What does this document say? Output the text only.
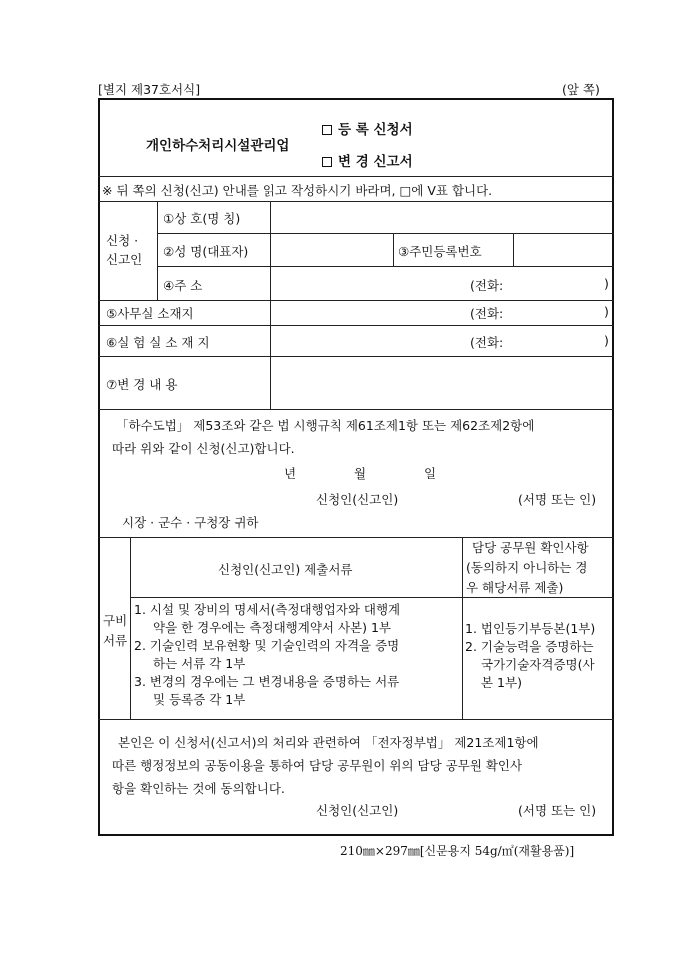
[별지 제37호서식]	(앞 쪽)
등 록 신청서
개인하수처리시설관리업
변 경 신고서
※ 뒤 쪽의 신청(신고) 안내를 읽고 작성하시기 바라며, □에 V표 합니다.
신청 ·
신고인
①상 호(명 칭)
②성 명(대표자)	③주민등록번호
④주 소	(전화:	)
⑤사무실 소재지	(전화:	)
⑥실 험 실 소 재 지	(전화:	)
⑦변 경 내 용
「하수도법」 제53조와 같은 법 시행규칙 제61조제1항 또는 제62조제2항에
따라 위와 같이 신청(신고)합니다.
년	월	일
신청인(신고인)	(서명 또는 인)
시장 · 군수 · 구청장 귀하
구비
서류
신청인(신고인) 제출서류
담당 공무원 확인사항
(동의하지 아니하는 경
우 해당서류 제출)
1. 시설 및 장비의 명세서(측정대행업자와 대행계
약을 한 경우에는 측정대행계약서 사본) 1부
2. 기술인력 보유현황 및 기술인력의 자격을 증명
하는 서류 각 1부
3. 변경의 경우에는 그 변경내용을 증명하는 서류
및 등록증 각 1부
1. 법인등기부등본(1부)
2. 기술능력을 증명하는
국가기술자격증명(사
본 1부)
본인은 이 신청서(신고서)의 처리와 관련하여 「전자정부법」 제21조제1항에
따른 행정정보의 공동이용을 통하여 담당 공무원이 위의 담당 공무원 확인사
항을 확인하는 것에 동의합니다.
신청인(신고인)	(서명 또는 인)
210㎜×297㎜[신문용지 54g/㎡(재활용품)]
